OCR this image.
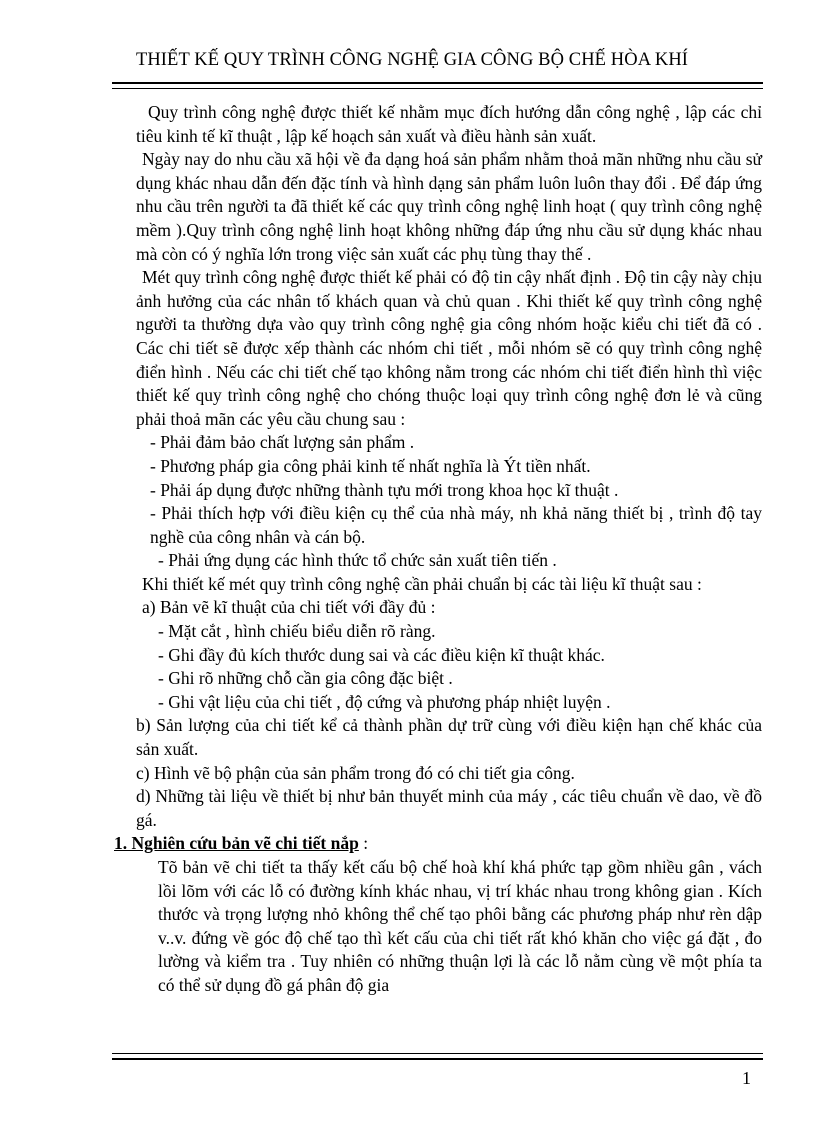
THIẾT KẾ QUY TRÌNH CÔNG NGHỆ GIA CÔNG BỘ CHẾ HÒA KHÍ

Quy trình công nghệ được thiết kế nhằm mục đích hướng dẫn công nghệ , lập các chỉ tiêu kinh tế kĩ thuật , lập kế hoạch sản xuất và điều hành sản xuất.

Ngày nay do nhu cầu xã hội về đa dạng hoá sản phẩm nhằm thoả mãn những nhu cầu sử dụng khác nhau dẫn đến đặc tính và hình dạng sản phẩm luôn luôn thay đổi . Để đáp ứng nhu cầu trên người ta đã thiết kế các quy trình công nghệ linh hoạt ( quy trình công nghệ mềm ).Quy trình công nghệ linh hoạt không những đáp ứng nhu cầu sử dụng khác nhau mà còn có ý nghĩa lớn trong việc sản xuất các phụ tùng thay thế .

Mét quy trình công nghệ được thiết kế phải có độ tin cậy nhất định . Độ tin cậy này chịu ảnh hưởng của các nhân tố khách quan và chủ quan . Khi thiết kế quy trình công nghệ người ta thường dựa vào quy trình công nghệ gia công nhóm hoặc kiểu chi tiết đã có . Các chi tiết sẽ được xếp thành các nhóm chi tiết , mỗi nhóm sẽ có quy trình công nghệ điển hình . Nếu các chi tiết chế tạo không nằm trong các nhóm chi tiết điển hình thì việc thiết kế quy trình công nghệ cho chóng thuộc loại quy trình công nghệ đơn lẻ và cũng phải thoả mãn các yêu cầu chung sau :

- Phải đảm bảo chất lượng sản phẩm .

- Phương pháp gia công phải kinh tế nhất nghĩa là Ýt tiền nhất.

- Phải áp dụng được những thành tựu mới trong khoa học kĩ thuật .

- Phải thích hợp với điều kiện cụ thể của nhà máy, nh khả năng thiết bị , trình độ tay nghề của công nhân và cán bộ.

- Phải ứng dụng các hình thức tổ chức sản xuất tiên tiến .

Khi thiết kế mét quy trình công nghệ cần phải chuẩn bị các tài liệu kĩ thuật sau :

a) Bản vẽ kĩ thuật của chi tiết với đầy đủ :

- Mặt cắt , hình chiếu biểu diễn rõ ràng.

- Ghi đầy đủ kích thước dung sai và các điều kiện kĩ thuật khác.

- Ghi rõ những chỗ cần gia công đặc biệt .

- Ghi vật liệu của chi tiết , độ cứng và phương pháp nhiệt luyện .

b) Sản lượng của chi tiết kể cả thành phần dự trữ cùng với điều kiện hạn chế khác của sản xuất.

c) Hình vẽ bộ phận của sản phẩm trong đó có chi tiết gia công.

d) Những tài liệu về thiết bị như bản thuyết minh của máy , các tiêu chuẩn về dao, về đồ gá.

1. Nghiên cứu bản vẽ chi tiết nắp :

Tõ bản vẽ chi tiết ta thấy kết cấu bộ chế hoà khí khá phức tạp gồm nhiều gân , vách lồi lõm với các lỗ có đường kính khác nhau, vị trí khác nhau trong không gian . Kích thước và trọng lượng nhỏ không thể chế tạo phôi bằng các phương pháp như rèn dập v..v. đứng về góc độ chế tạo thì kết cấu của chi tiết rất khó khăn cho việc gá đặt , đo lường và kiểm tra . Tuy nhiên có những thuận lợi là các lỗ nằm cùng về một phía ta có thể sử dụng đồ gá phân độ gia

1
